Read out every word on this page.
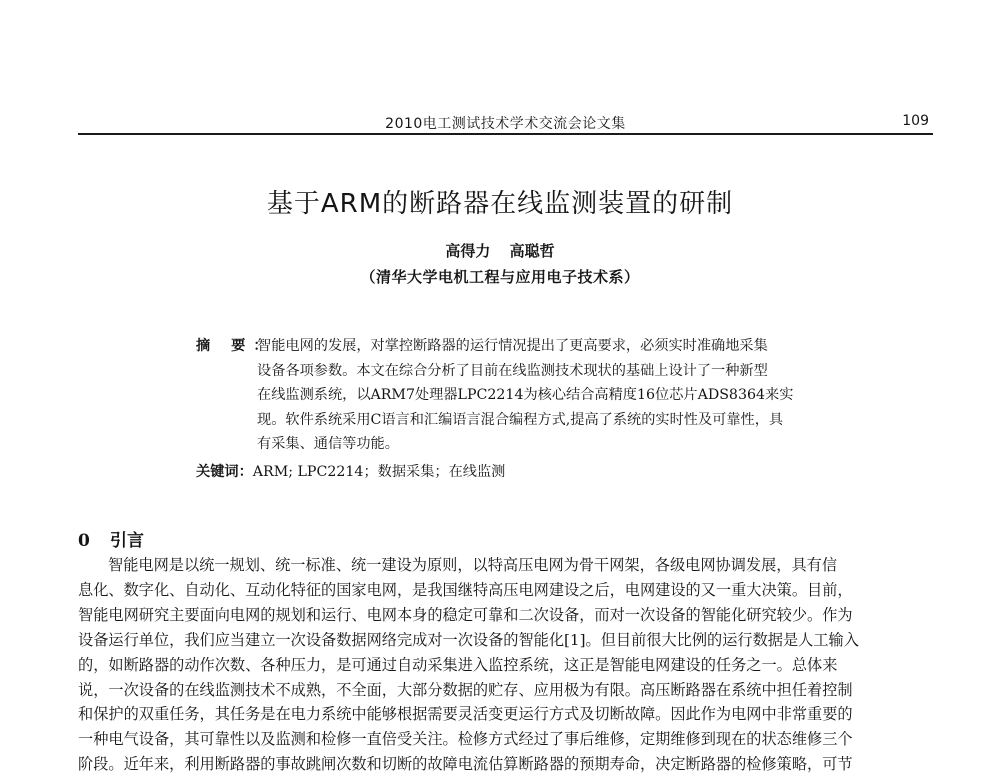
2010电工测试技术学术交流会论文集	109
基于ARM的断路器在线监测装置的研制
高得力 高聪哲
（清华大学电机工程与应用电子技术系）
摘 要：
智能电网的发展，对掌控断路器的运行情况提出了更高要求，必须实时准确地采集
设备各项参数。本文在综合分析了目前在线监测技术现状的基础上设计了一种新型
在线监测系统，以ARM7处理器LPC2214为核心结合高精度16位芯片ADS8364来实
现。软件系统采用C语言和汇编语言混合编程方式,提高了系统的实时性及可靠性，具
有采集、通信等功能。
关键词：ARM; LPC2214；数据采集；在线监测
0 引言
智能电网是以统一规划、统一标准、统一建设为原则，以特高压电网为骨干网架，各级电网协调发展，具有信
息化、数字化、自动化、互动化特征的国家电网，是我国继特高压电网建设之后，电网建设的又一重大决策。目前，
智能电网研究主要面向电网的规划和运行、电网本身的稳定可靠和二次设备，而对一次设备的智能化研究较少。作为
设备运行单位，我们应当建立一次设备数据网络完成对一次设备的智能化[1]。但目前很大比例的运行数据是人工输入
的，如断路器的动作次数、各种压力，是可通过自动采集进入监控系统，这正是智能电网建设的任务之一。总体来
说，一次设备的在线监测技术不成熟，不全面，大部分数据的贮存、应用极为有限。高压断路器在系统中担任着控制
和保护的双重任务，其任务是在电力系统中能够根据需要灵活变更运行方式及切断故障。因此作为电网中非常重要的
一种电气设备，其可靠性以及监测和检修一直倍受关注。检修方式经过了事后维修，定期维修到现在的状态维修三个
阶段。近年来，利用断路器的事故跳闸次数和切断的故障电流估算断路器的预期寿命，决定断路器的检修策略，可节
